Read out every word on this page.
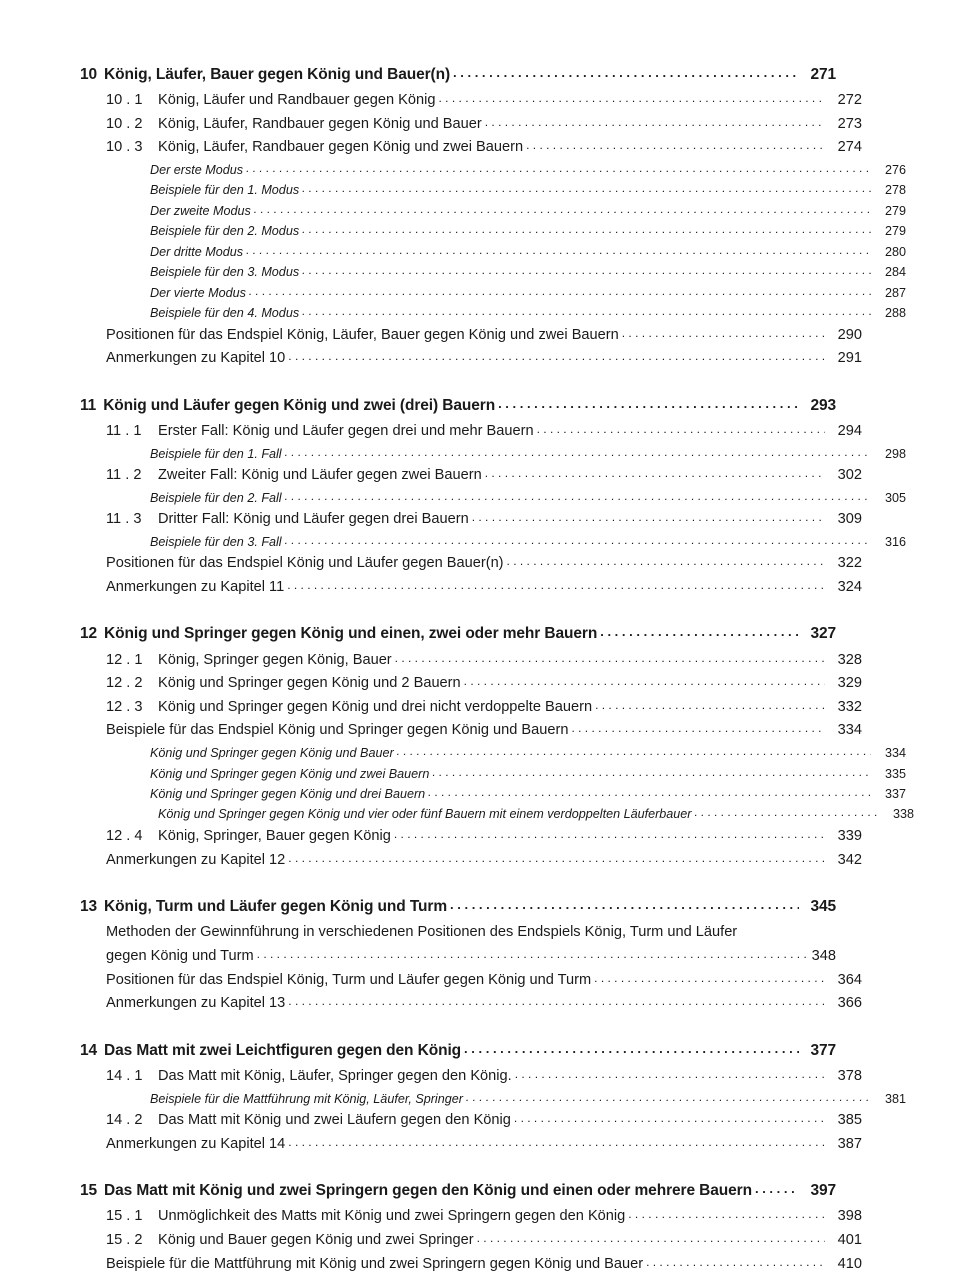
10 König, Läufer, Bauer gegen König und Bauer(n) . . .	271
10 . 1	König, Läufer und Randbauer gegen König . . .	272
10 . 2	König, Läufer, Randbauer gegen König und Bauer . . .	273
10 . 3	König, Läufer, Randbauer gegen König und zwei Bauern . . .	274
Der erste Modus . . .	276
Beispiele für den 1. Modus . . .	278
Der zweite Modus . . .	279
Beispiele für den 2. Modus . . .	279
Der dritte Modus . . .	280
Beispiele für den 3. Modus . . .	284
Der vierte Modus . . .	287
Beispiele für den 4. Modus . . .	288
Positionen für das Endspiel König, Läufer, Bauer gegen König und zwei Bauern . . .	290
Anmerkungen zu Kapitel 10 . . .	291
11 König und Läufer gegen König und zwei (drei) Bauern . . .	293
11 . 1	Erster Fall: König und Läufer gegen drei und mehr Bauern . . .	294
Beispiele für den 1. Fall . . .	298
11 . 2	Zweiter Fall: König und Läufer gegen zwei Bauern . . .	302
Beispiele für den 2. Fall . . .	305
11 . 3	Dritter Fall: König und Läufer gegen drei Bauern . . .	309
Beispiele für den 3. Fall . . .	316
Positionen für das Endspiel König und Läufer gegen Bauer(n) . . .	322
Anmerkungen zu Kapitel 11 . . .	324
12 König und Springer gegen König und einen, zwei oder mehr Bauern . . .	327
12 . 1	König, Springer gegen König, Bauer . . .	328
12 . 2	König und Springer gegen König und 2 Bauern . . .	329
12 . 3	König und Springer gegen König und drei nicht verdoppelte Bauern . . .	332
Beispiele für das Endspiel König und Springer gegen König und Bauern . . .	334
König und Springer gegen König und Bauer . . .	334
König und Springer gegen König und zwei Bauern . . .	335
König und Springer gegen König und drei Bauern . . .	337
König und Springer gegen König und vier oder fünf Bauern mit einem verdoppelten Läuferbauer . . .	338
12 . 4	König, Springer, Bauer gegen König . . .	339
Anmerkungen zu Kapitel 12 . . .	342
13 König, Turm und Läufer gegen König und Turm . . .	345
Methoden der Gewinnführung in verschiedenen Positionen des Endspiels König, Turm und Läufer
gegen König und Turm . . .	348
Positionen für das Endspiel König, Turm und Läufer gegen König und Turm . . .	364
Anmerkungen zu Kapitel 13 . . .	366
14 Das Matt mit zwei Leichtfiguren gegen den König . . .	377
14 . 1	Das Matt mit König, Läufer, Springer gegen den König. . . .	378
Beispiele für die Mattführung mit König, Läufer, Springer . . .	381
14 . 2	Das Matt mit König und zwei Läufern gegen den König . . .	385
Anmerkungen zu Kapitel 14 . . .	387
15 Das Matt mit König und zwei Springern gegen den König und einen oder mehrere Bauern . . .	397
15 . 1	Unmöglichkeit des Matts mit König und zwei Springern gegen den König . . .	398
15 . 2	König und Bauer gegen König und zwei Springer . . .	401
Beispiele für die Mattführung mit König und zwei Springern gegen König und Bauer . . .	410
